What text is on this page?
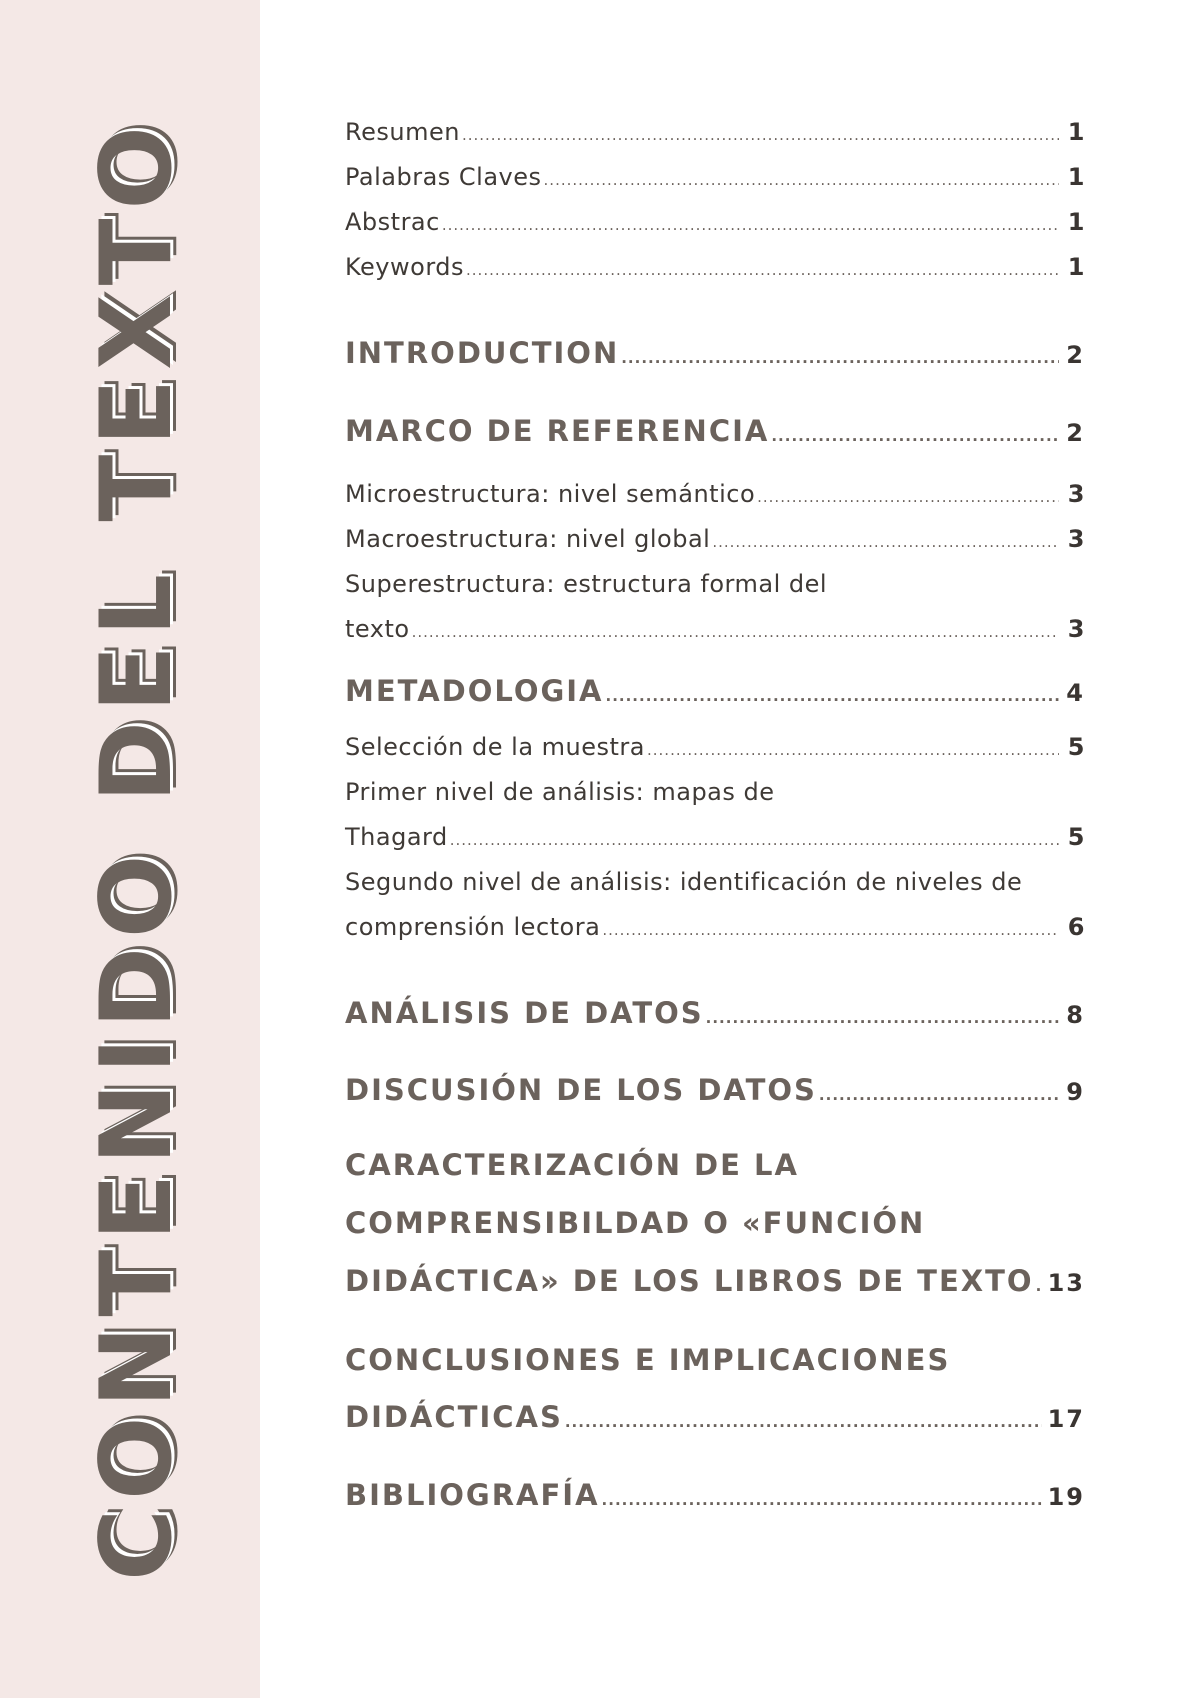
CONTENIDO DEL TEXTO	Resumen .....	1
Palabras Claves .....	1
Abstrac .....	1
Keywords .....	1
INTRODUCTION .....	2
MARCO DE REFERENCIA .....	2
Microestructura: nivel semántico .....	3
Macroestructura: nivel global .....	3
Superestructura: estructura formal del
texto .....	3
METADOLOGIA .....	4
Selección de la muestra .....	5
Primer nivel de análisis: mapas de
Thagard .....	5
Segundo nivel de análisis: identificación de niveles de
comprensión lectora .....	6
ANÁLISIS DE DATOS .....	8
DISCUSIÓN DE LOS DATOS .....	9
CARACTERIZACIÓN DE LA
COMPRENSIBILDAD O «FUNCIÓN
DIDÁCTICA» DE LOS LIBROS DE TEXTO ..... 13
CONCLUSIONES E IMPLICACIONES
DIDÁCTICAS .....	17
BIBLIOGRAFÍA .....	19
